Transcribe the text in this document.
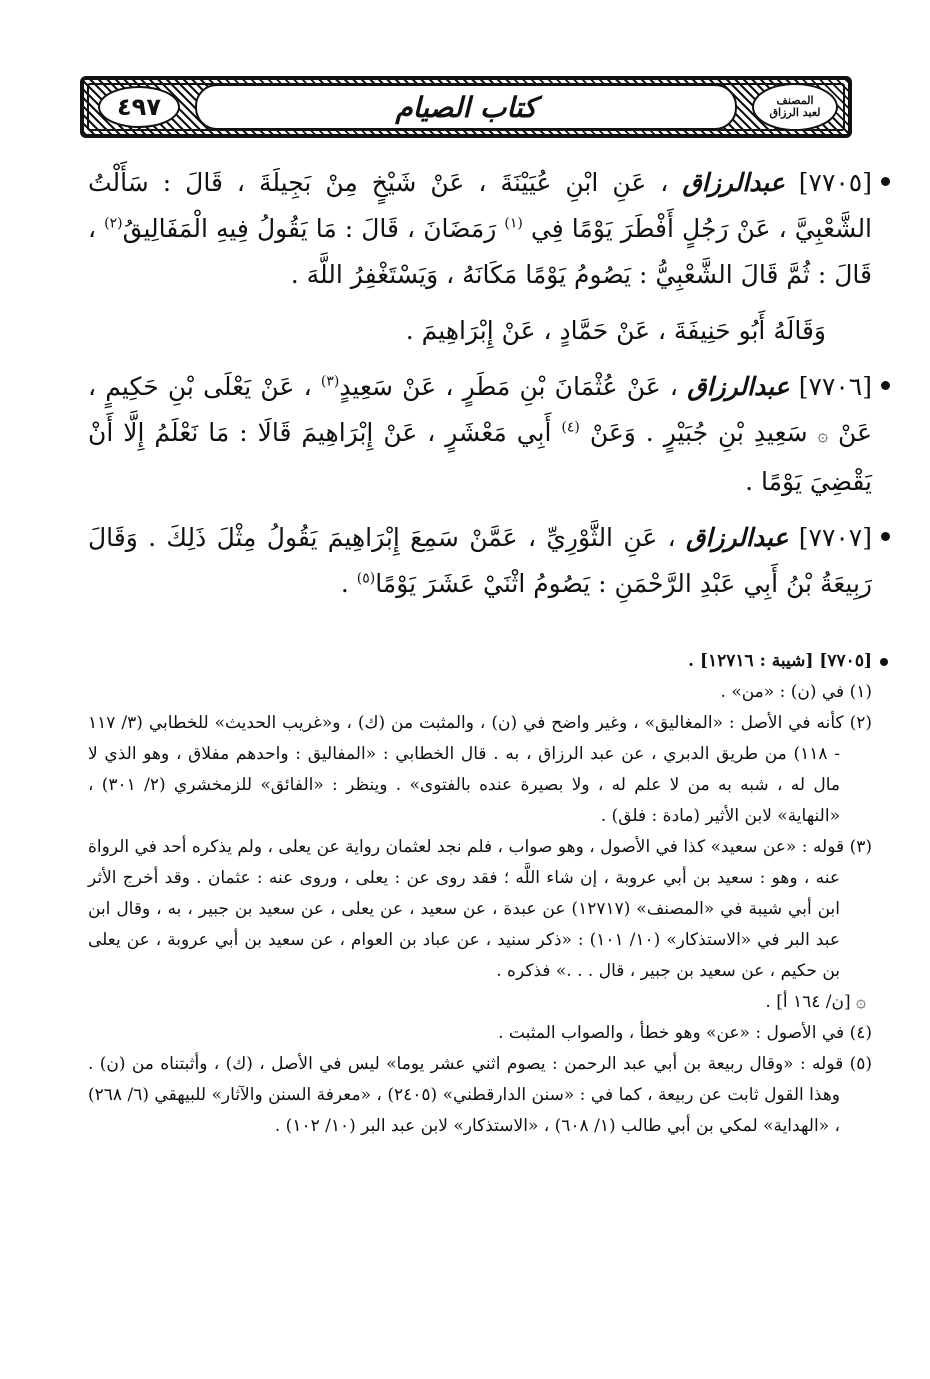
٤٩٧	كتاب الصيام	المصنف
لعبد الرزاق

[٧٧٠٥] عبدالرزاق ، عَنِ ابْنِ عُيَيْنَةَ ، عَنْ شَيْخٍ مِنْ بَجِيلَةَ ، قَالَ : سَأَلْتُ الشَّعْبِيَّ ، عَنْ رَجُلٍ أَفْطَرَ يَوْمًا فِي $^{(١)}$ رَمَضَانَ ، قَالَ : مَا يَقُولُ فِيهِ الْمَفَالِيقُ$^{(٢)}$ ، قَالَ : ثُمَّ قَالَ الشَّعْبِيُّ : يَصُومُ يَوْمًا مَكَانَهُ ، وَيَسْتَغْفِرُ اللَّهَ .

وَقَالَهُ أَبُو حَنِيفَةَ ، عَنْ حَمَّادٍ ، عَنْ إِبْرَاهِيمَ .

[٧٧٠٦] عبدالرزاق ، عَنْ عُثْمَانَ بْنِ مَطَرٍ ، عَنْ سَعِيدٍ$^{(٣)}$ ، عَنْ يَعْلَى بْنِ حَكِيمٍ ، عَنْ ۞ سَعِيدِ بْنِ جُبَيْرٍ . وَعَنْ $^{(٤)}$ أَبِي مَعْشَرٍ ، عَنْ إِبْرَاهِيمَ قَالَا : مَا نَعْلَمُ إِلَّا أَنْ يَقْضِيَ يَوْمًا .

[٧٧٠٧] عبدالرزاق ، عَنِ الثَّوْرِيِّ ، عَمَّنْ سَمِعَ إِبْرَاهِيمَ يَقُولُ مِثْلَ ذَلِكَ . وَقَالَ رَبِيعَةُ بْنُ أَبِي عَبْدِ الرَّحْمَنِ : يَصُومُ اثْنَيْ عَشَرَ يَوْمًا$^{(٥)}$ .

[٧٧٠٥] [شيبة : ١٢٧١٦] .

(١) في (ن) : «من» .

(٢) كأنه في الأصل : «المغاليق» ، وغير واضح في (ن) ، والمثبت من (ك) ، و«غريب الحديث» للخطابي (٣/ ١١٧ - ١١٨) من طريق الدبري ، عن عبد الرزاق ، به . قال الخطابي : «المفاليق : واحدهم مفلاق ، وهو الذي لا مال له ، شبه به من لا علم له ، ولا بصيرة عنده بالفتوى» . وينظر : «الفائق» للزمخشري (٢/ ٣٠١) ، «النهاية» لابن الأثير (مادة : فلق) .

(٣) قوله : «عن سعيد» كذا في الأصول ، وهو صواب ، فلم نجد لعثمان رواية عن يعلى ، ولم يذكره أحد في الرواة عنه ، وهو : سعيد بن أبي عروبة ، إن شاء اللَّه ؛ فقد روى عن : يعلى ، وروى عنه : عثمان . وقد أخرج الأثر ابن أبي شيبة في «المصنف» (١٢٧١٧) عن عبدة ، عن سعيد ، عن يعلى ، عن سعيد بن جبير ، به ، وقال ابن عبد البر في «الاستذكار» (١٠/ ١٠١) : «ذكر سنيد ، عن عباد بن العوام ، عن سعيد بن أبي عروبة ، عن يعلى بن حكيم ، عن سعيد بن جبير ، قال . . .» فذكره .

۞ [ن/ ١٦٤ أ] .

(٤) في الأصول : «عن» وهو خطأ ، والصواب المثبت .

(٥) قوله : «وقال ربيعة بن أبي عبد الرحمن : يصوم اثني عشر يوما» ليس في الأصل ، (ك) ، وأثبتناه من (ن) . وهذا القول ثابت عن ربيعة ، كما في : «سنن الدارقطني» (٢٤٠٥) ، «معرفة السنن والآثار» للبيهقي (٦/ ٢٦٨) ، «الهداية» لمكي بن أبي طالب (١/ ٦٠٨) ، «الاستذكار» لابن عبد البر (١٠/ ١٠٢) .
